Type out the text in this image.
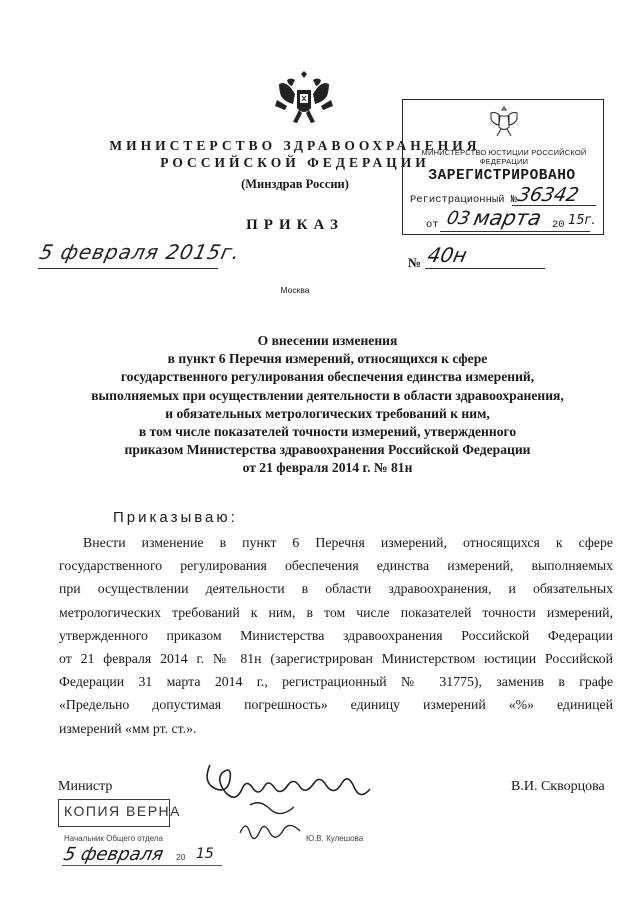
МИНИСТЕРСТВО ЗДРАВООХРАНЕНИЯ
РОССИЙСКОЙ ФЕДЕРАЦИИ
(Минздрав России)
ПРИКАЗ
5 февраля 2015г.	№ 40н
Москва
МИНИСТЕРСТВО ЮСТИЦИИ РОССИЙСКОЙ ФЕДЕРАЦИИ
ЗАРЕГИСТРИРОВАНО
Регистрационный №
36342
от 03 марта 20 15г.
О внесении изменения
в пункт 6 Перечня измерений, относящихся к сфере
государственного регулирования обеспечения единства измерений,
выполняемых при осуществлении деятельности в области здравоохранения,
и обязательных метрологических требований к ним,
в том числе показателей точности измерений, утвержденного
приказом Министерства здравоохранения Российской Федерации
от 21 февраля 2014 г. № 81н
Приказываю:
Внести изменение в пункт 6 Перечня измерений, относящихся к сфере
государственного регулирования обеспечения единства измерений, выполняемых
при осуществлении деятельности в области здравоохранения, и обязательных
метрологических требований к ним, в том числе показателей точности измерений,
утвержденного приказом Министерства здравоохранения Российской Федерации
от 21 февраля 2014 г. № 81н (зарегистрирован Министерством юстиции Российской
Федерации 31 марта 2014 г., регистрационный № 31775), заменив в графе
«Предельно допустимая погрешность» единицу измерений «%» единицей
измерений «мм рт. ст.».
Министр	В.И. Скворцова
КОПИЯ ВЕРНА
Начальник Общего отдела	Ю.В. Кулешова
5 февраля 20 15
